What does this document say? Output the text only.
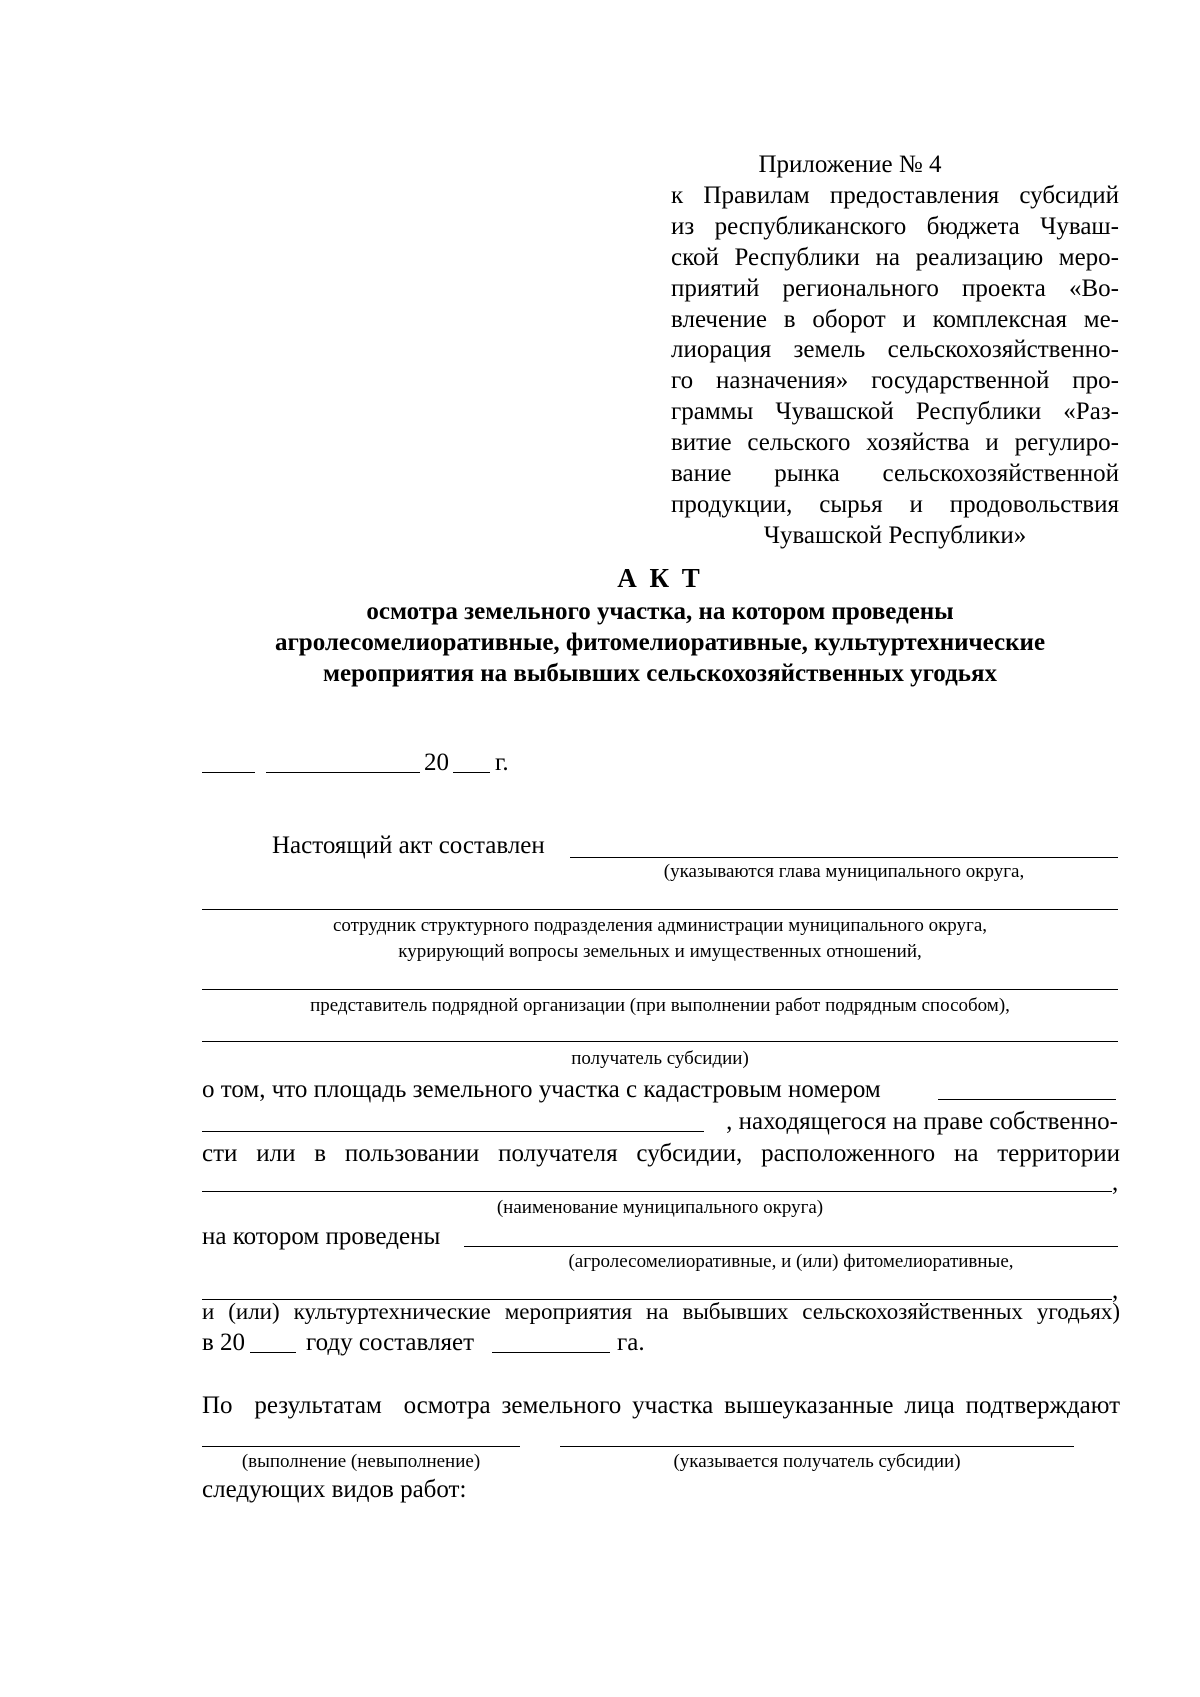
Приложение № 4
к Правилам предоставления субсидий
из республиканского бюджета Чуваш-
ской Республики на реализацию меро-
приятий регионального проекта «Во-
влечение в оборот и комплексная ме-
лиорация земель сельскохозяйственно-
го назначения» государственной про-
граммы Чувашской Республики «Раз-
витие сельского хозяйства и регулиро-
вание рынка сельскохозяйственной
продукции, сырья и продовольствия
Чувашской Республики»
А К Т
осмотра земельного участка, на котором проведены
агролесомелиоративные, фитомелиоративные, культуртехнические
мероприятия на выбывших сельскохозяйственных угодьях
20 г.
Настоящий акт составлен
(указываются глава муниципального округа,
сотрудник структурного подразделения администрации муниципального округа,
курирующий вопросы земельных и имущественных отношений,
представитель подрядной организации (при выполнении работ подрядным способом),
получатель субсидии)
о том, что площадь земельного участка с кадастровым номером
, находящегося на праве собственно-
сти или в пользовании получателя субсидии, расположенного на территории
,
(наименование муниципального округа)
на котором проведены
(агролесомелиоративные, и (или) фитомелиоративные,
,
и (или) культуртехнические мероприятия на выбывших сельскохозяйственных угодьях)
в 20 году составляет	га.
По  результатам  осмотра земельного участка вышеуказанные лица подтверждают
(выполнение (невыполнение)	(указывается получатель субсидии)
следующих видов работ:
